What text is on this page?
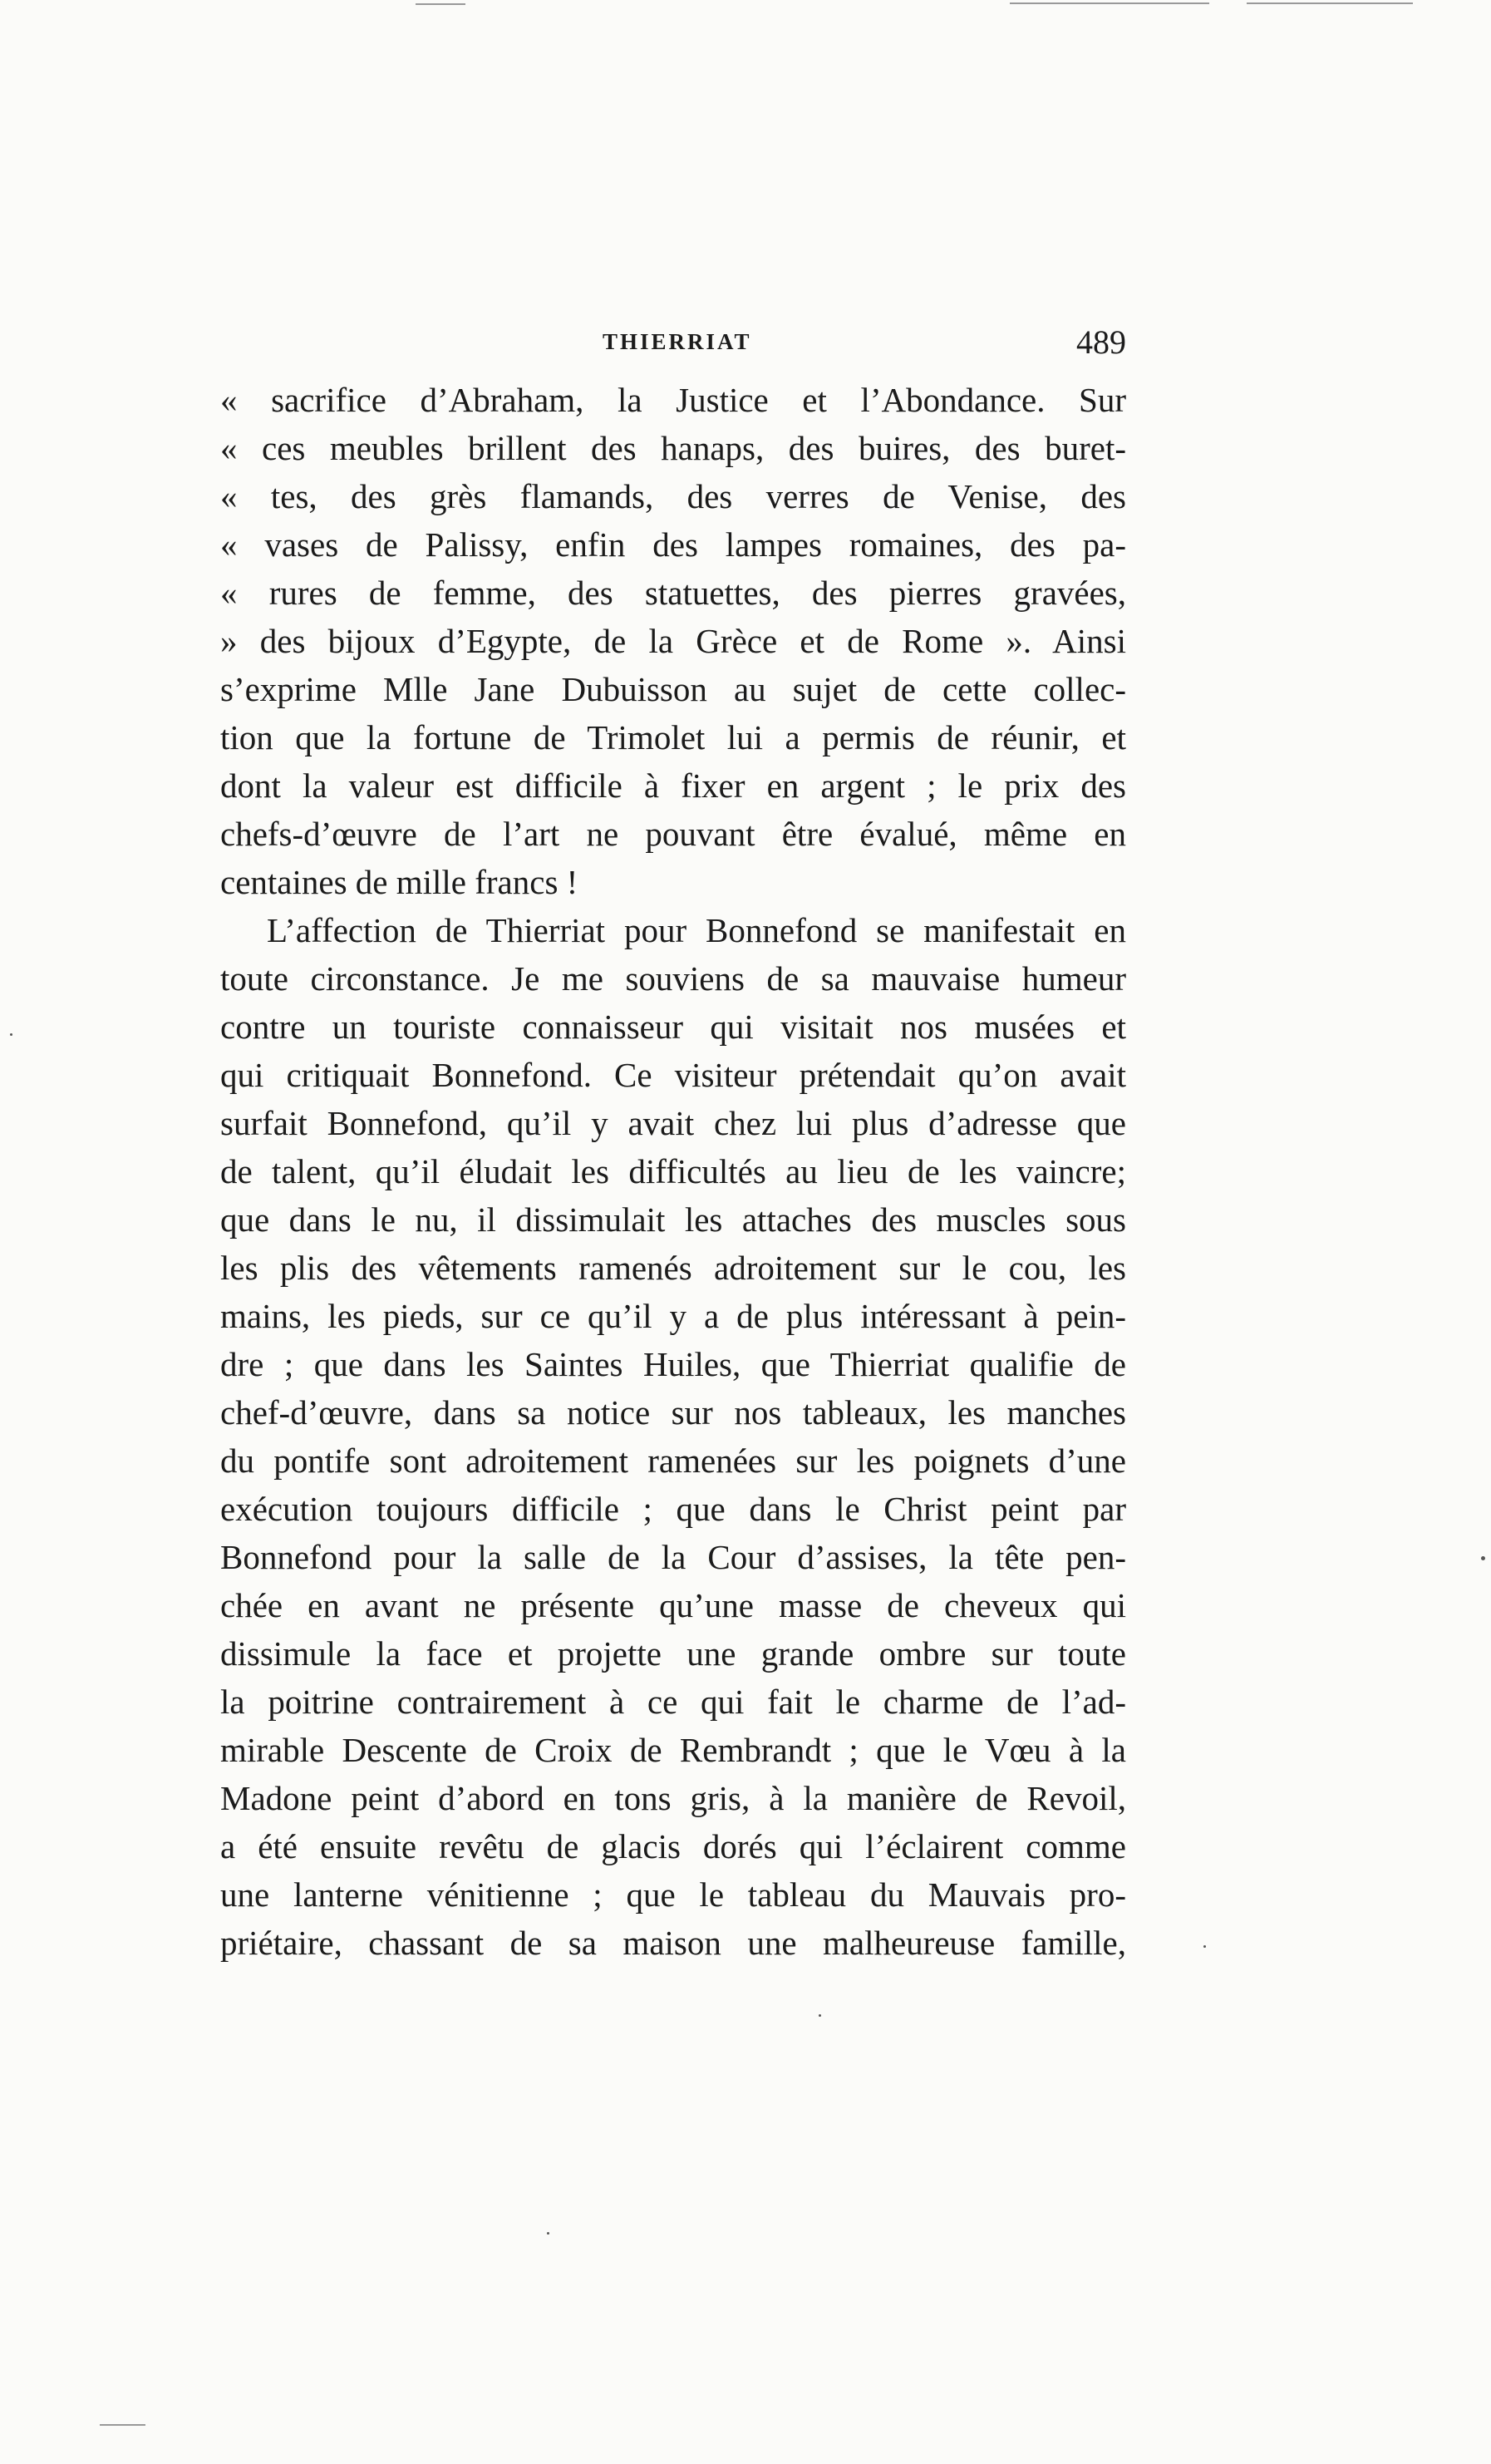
THIERRIAT	489
« sacrifice d’Abraham, la Justice et l’Abondance. Sur
« ces meubles brillent des hanaps, des buires, des buret-
« tes, des grès flamands, des verres de Venise, des
« vases de Palissy, enfin des lampes romaines, des pa-
« rures de femme, des statuettes, des pierres gravées,
» des bijoux d’Egypte, de la Grèce et de Rome ». Ainsi
s’exprime Mlle Jane Dubuisson au sujet de cette collec-
tion que la fortune de Trimolet lui a permis de réunir, et
dont la valeur est difficile à fixer en argent ; le prix des
chefs-d’œuvre de l’art ne pouvant être évalué, même en
centaines de mille francs !
L’affection de Thierriat pour Bonnefond se manifestait en
toute circonstance. Je me souviens de sa mauvaise humeur
contre un touriste connaisseur qui visitait nos musées et
qui critiquait Bonnefond. Ce visiteur prétendait qu’on avait
surfait Bonnefond, qu’il y avait chez lui plus d’adresse que
de talent, qu’il éludait les difficultés au lieu de les vaincre;
que dans le nu, il dissimulait les attaches des muscles sous
les plis des vêtements ramenés adroitement sur le cou, les
mains, les pieds, sur ce qu’il y a de plus intéressant à pein-
dre ; que dans les Saintes Huiles, que Thierriat qualifie de
chef-d’œuvre, dans sa notice sur nos tableaux, les manches
du pontife sont adroitement ramenées sur les poignets d’une
exécution toujours difficile ; que dans le Christ peint par
Bonnefond pour la salle de la Cour d’assises, la tête pen-
chée en avant ne présente qu’une masse de cheveux qui
dissimule la face et projette une grande ombre sur toute
la poitrine contrairement à ce qui fait le charme de l’ad-
mirable Descente de Croix de Rembrandt ; que le Vœu à la
Madone peint d’abord en tons gris, à la manière de Revoil,
a été ensuite revêtu de glacis dorés qui l’éclairent comme
une lanterne vénitienne ; que le tableau du Mauvais pro-
priétaire, chassant de sa maison une malheureuse famille,
